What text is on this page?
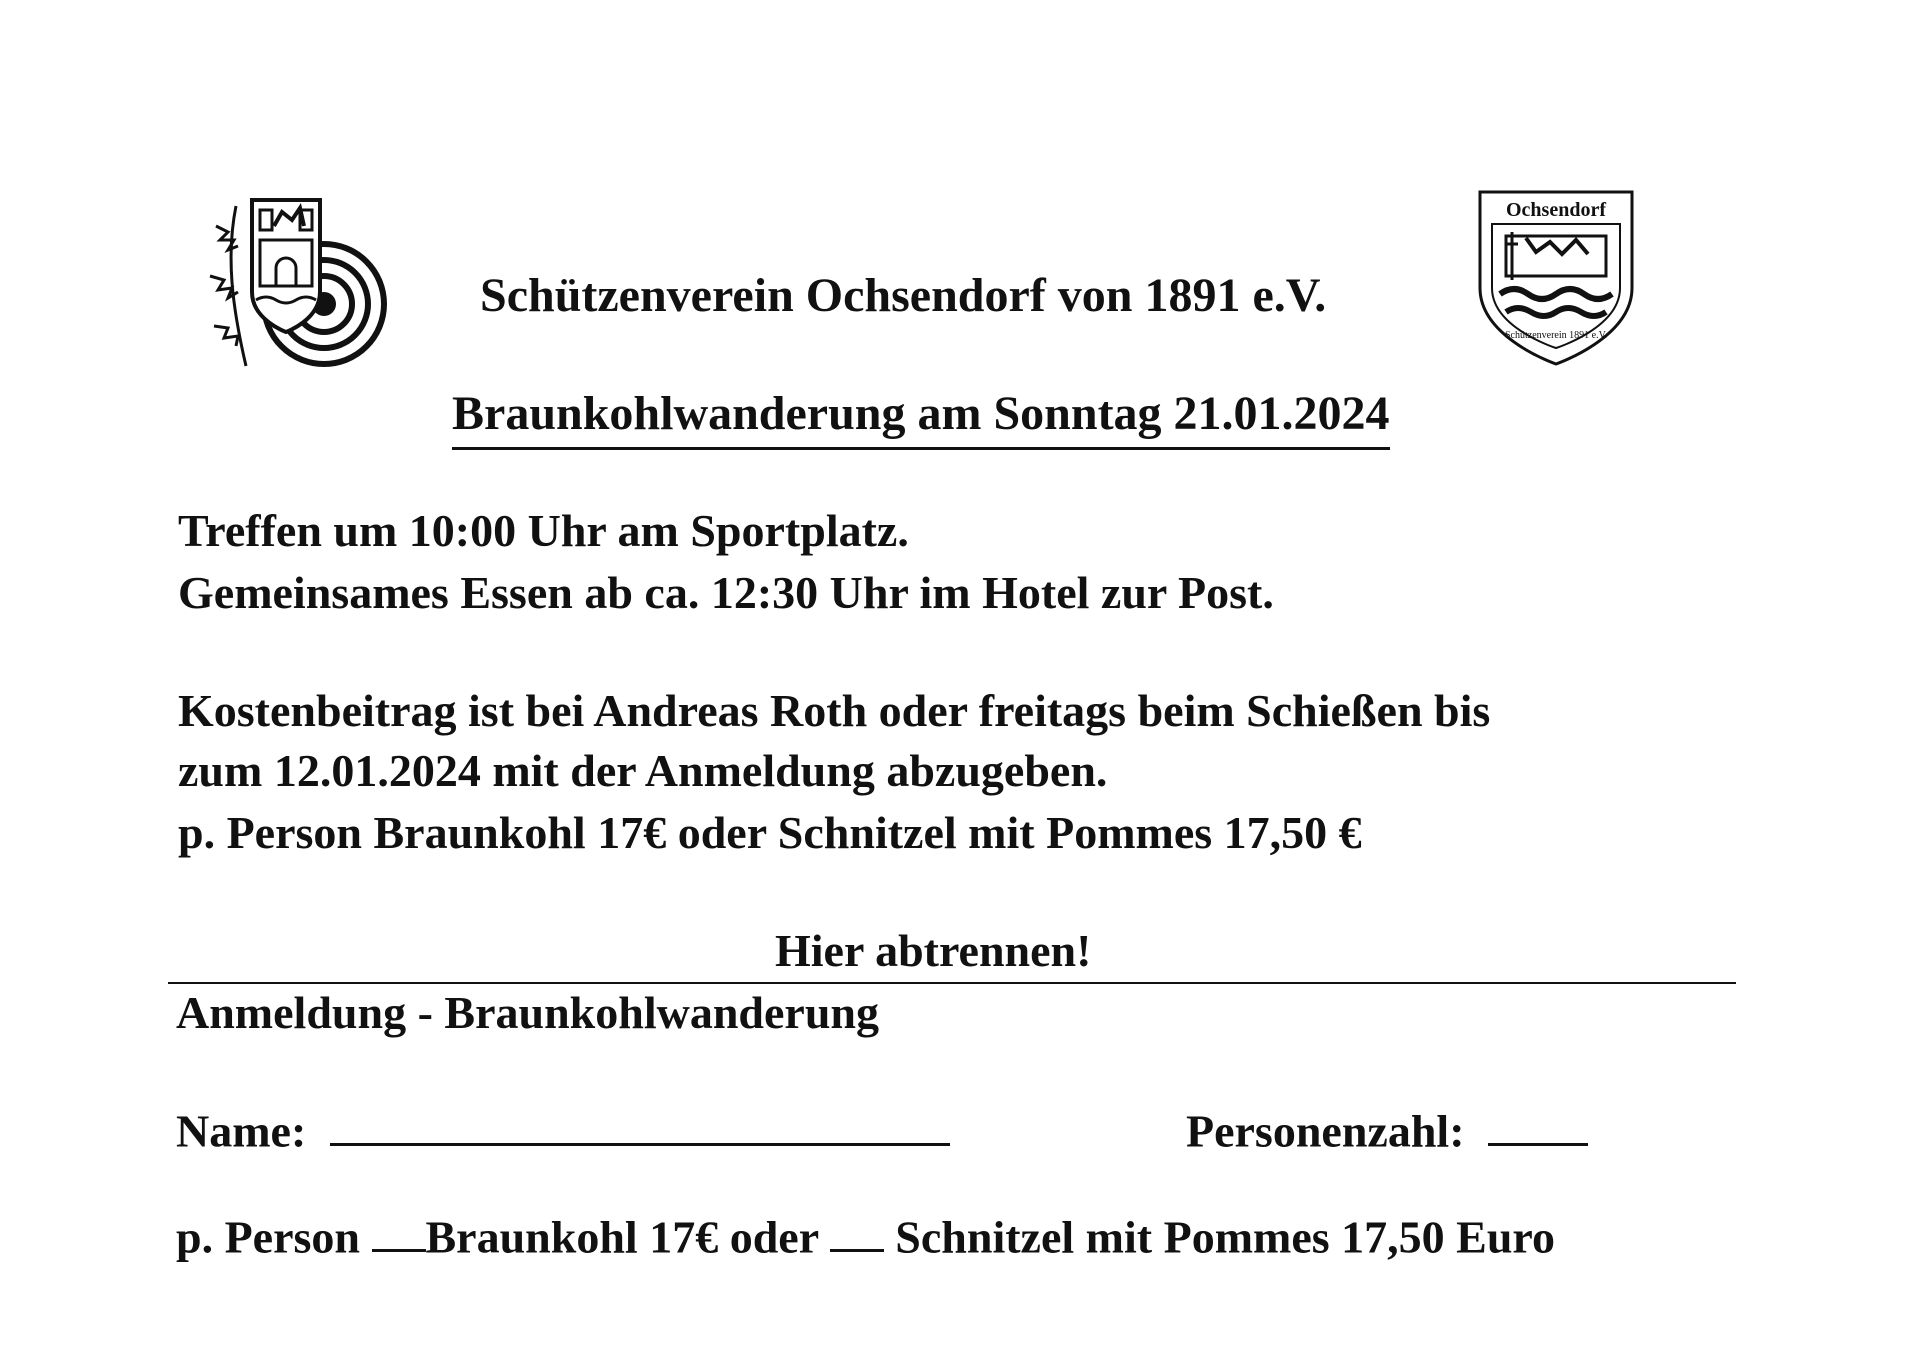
Ochsendorf
Schützenverein 1891 e.V.
Schützenverein Ochsendorf von 1891 e.V.
Braunkohlwanderung am Sonntag 21.01.2024
Treffen um 10:00 Uhr am Sportplatz.
Gemeinsames Essen ab ca. 12:30 Uhr im Hotel zur Post.
Kostenbeitrag ist bei Andreas Roth oder freitags beim Schießen bis
zum 12.01.2024 mit der Anmeldung abzugeben.
p. Person Braunkohl 17€ oder Schnitzel mit Pommes 17,50 €
Hier abtrennen!
Anmeldung - Braunkohlwanderung
Name:	Personenzahl:
p. Person Braunkohl 17€ oder  Schnitzel mit Pommes 17,50 Euro
